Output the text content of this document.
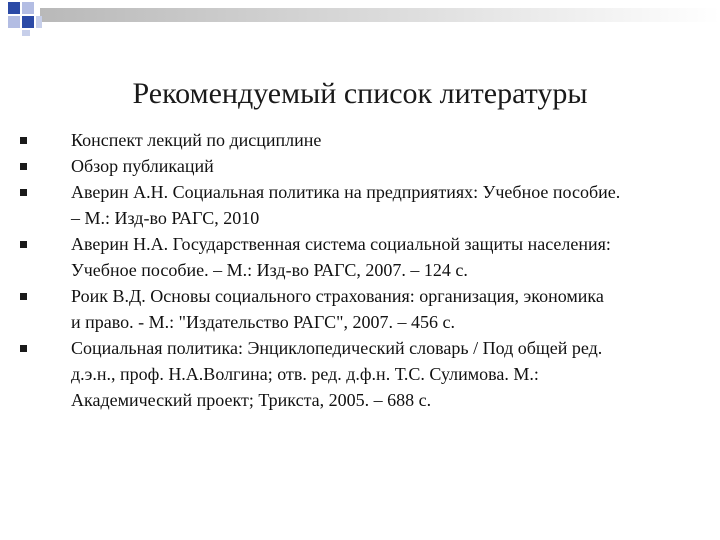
Рекомендуемый список литературы
Конспект лекций по дисциплине
Обзор публикаций
Аверин А.Н. Социальная политика на предприятиях: Учебное пособие.
– М.: Изд-во РАГС, 2010
Аверин Н.А. Государственная система социальной защиты населения:
Учебное пособие. – М.: Изд-во РАГС, 2007. – 124 с.
Роик В.Д. Основы социального страхования: организация, экономика
и право. - М.: "Издательство РАГС", 2007. – 456 с.
Социальная политика: Энциклопедический словарь / Под общей ред.
д.э.н., проф. Н.А.Волгина; отв. ред. д.ф.н. Т.С. Сулимова. М.:
Академический проект; Трикста, 2005. – 688 с.
